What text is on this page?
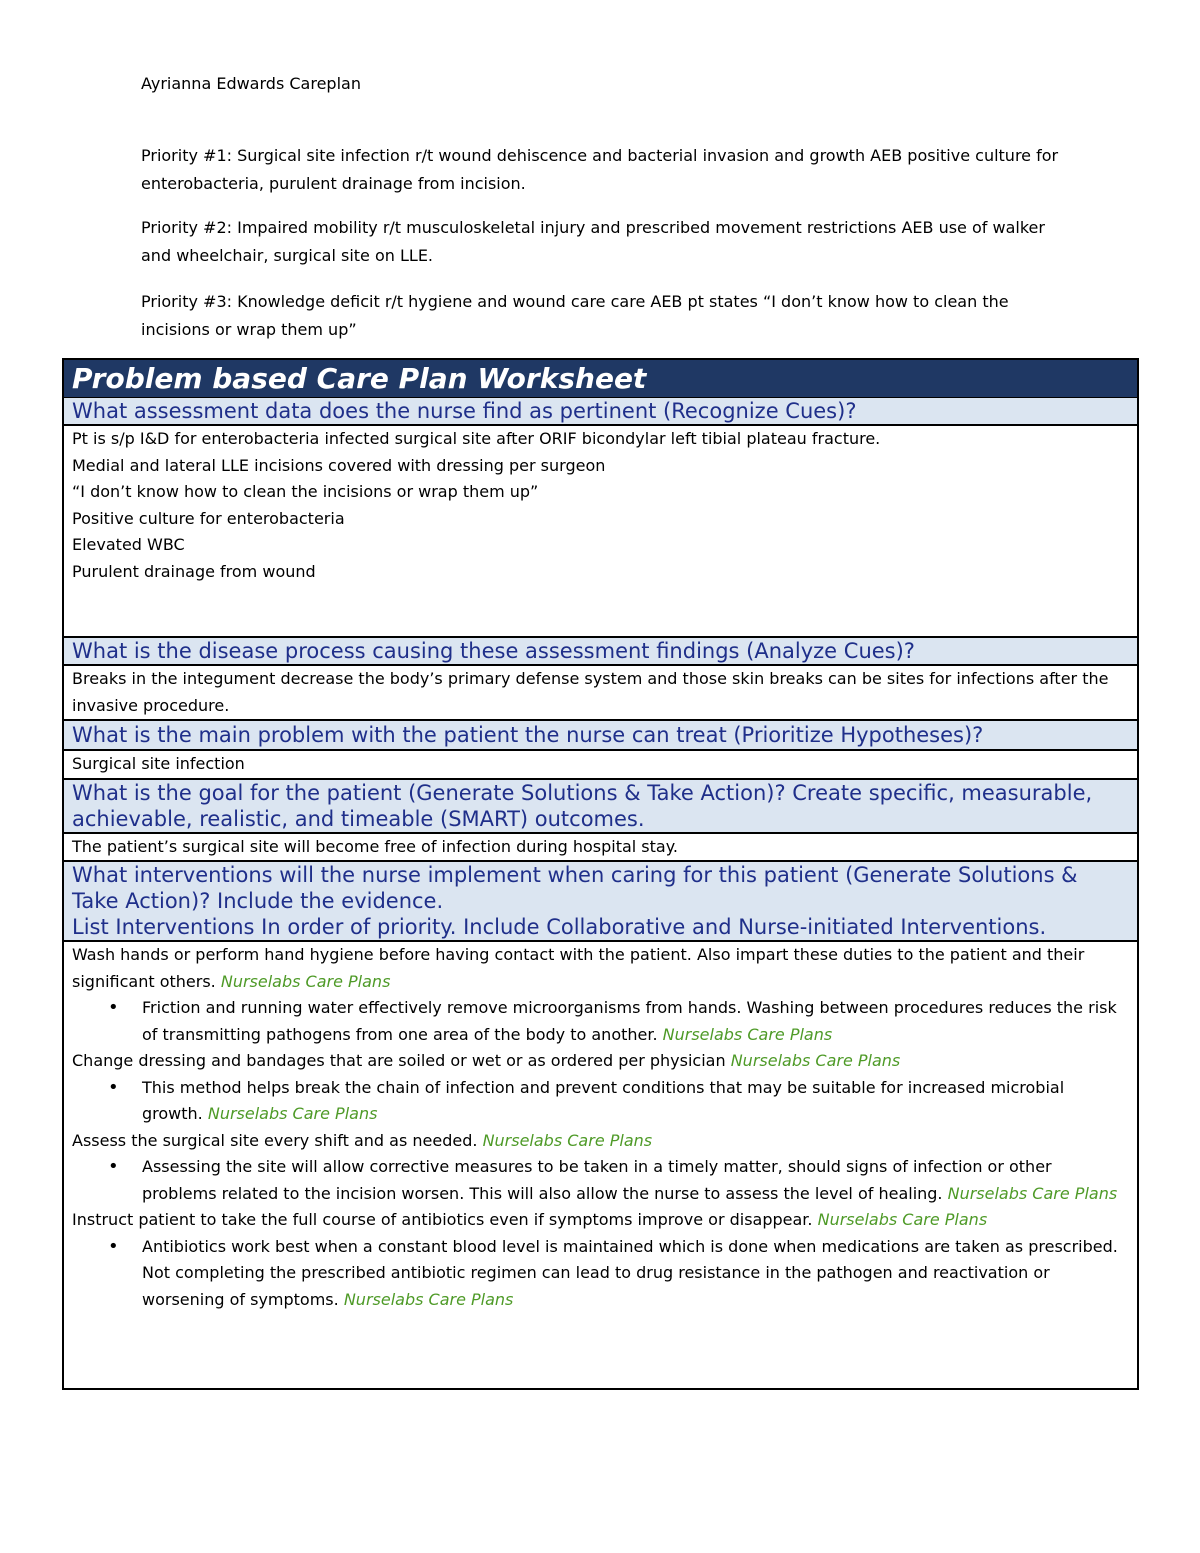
Ayrianna Edwards Careplan
Priority #1: Surgical site infection r/t wound dehiscence and bacterial invasion and growth AEB positive culture for enterobacteria, purulent drainage from incision.
Priority #2: Impaired mobility r/t musculoskeletal injury and prescribed movement restrictions AEB use of walker and wheelchair, surgical site on LLE.
Priority #3: Knowledge deficit r/t hygiene and wound care care AEB pt states “I don’t know how to clean the incisions or wrap them up”
Problem based Care Plan Worksheet
What assessment data does the nurse find as pertinent (Recognize Cues)?
Pt is s/p I&D for enterobacteria infected surgical site after ORIF bicondylar left tibial plateau fracture.
Medial and lateral LLE incisions covered with dressing per surgeon
“I don’t know how to clean the incisions or wrap them up”
Positive culture for enterobacteria
Elevated WBC
Purulent drainage from wound
What is the disease process causing these assessment findings (Analyze Cues)?
Breaks in the integument decrease the body’s primary defense system and those skin breaks can be sites for infections after the invasive procedure.
What is the main problem with the patient the nurse can treat (Prioritize Hypotheses)?
Surgical site infection
What is the goal for the patient (Generate Solutions & Take Action)? Create specific, measurable, achievable, realistic, and timeable (SMART) outcomes.
The patient’s surgical site will become free of infection during hospital stay.
What interventions will the nurse implement when caring for this patient (Generate Solutions & Take Action)? Include the evidence.
List Interventions In order of priority. Include Collaborative and Nurse-initiated Interventions.
Wash hands or perform hand hygiene before having contact with the patient. Also impart these duties to the patient and their significant others. Nurselabs Care Plans
• Friction and running water effectively remove microorganisms from hands. Washing between procedures reduces the risk of transmitting pathogens from one area of the body to another. Nurselabs Care Plans
Change dressing and bandages that are soiled or wet or as ordered per physician Nurselabs Care Plans
• This method helps break the chain of infection and prevent conditions that may be suitable for increased microbial growth. Nurselabs Care Plans
Assess the surgical site every shift and as needed. Nurselabs Care Plans
• Assessing the site will allow corrective measures to be taken in a timely matter, should signs of infection or other problems related to the incision worsen. This will also allow the nurse to assess the level of healing. Nurselabs Care Plans
Instruct patient to take the full course of antibiotics even if symptoms improve or disappear. Nurselabs Care Plans
• Antibiotics work best when a constant blood level is maintained which is done when medications are taken as prescribed. Not completing the prescribed antibiotic regimen can lead to drug resistance in the pathogen and reactivation or worsening of symptoms. Nurselabs Care Plans
